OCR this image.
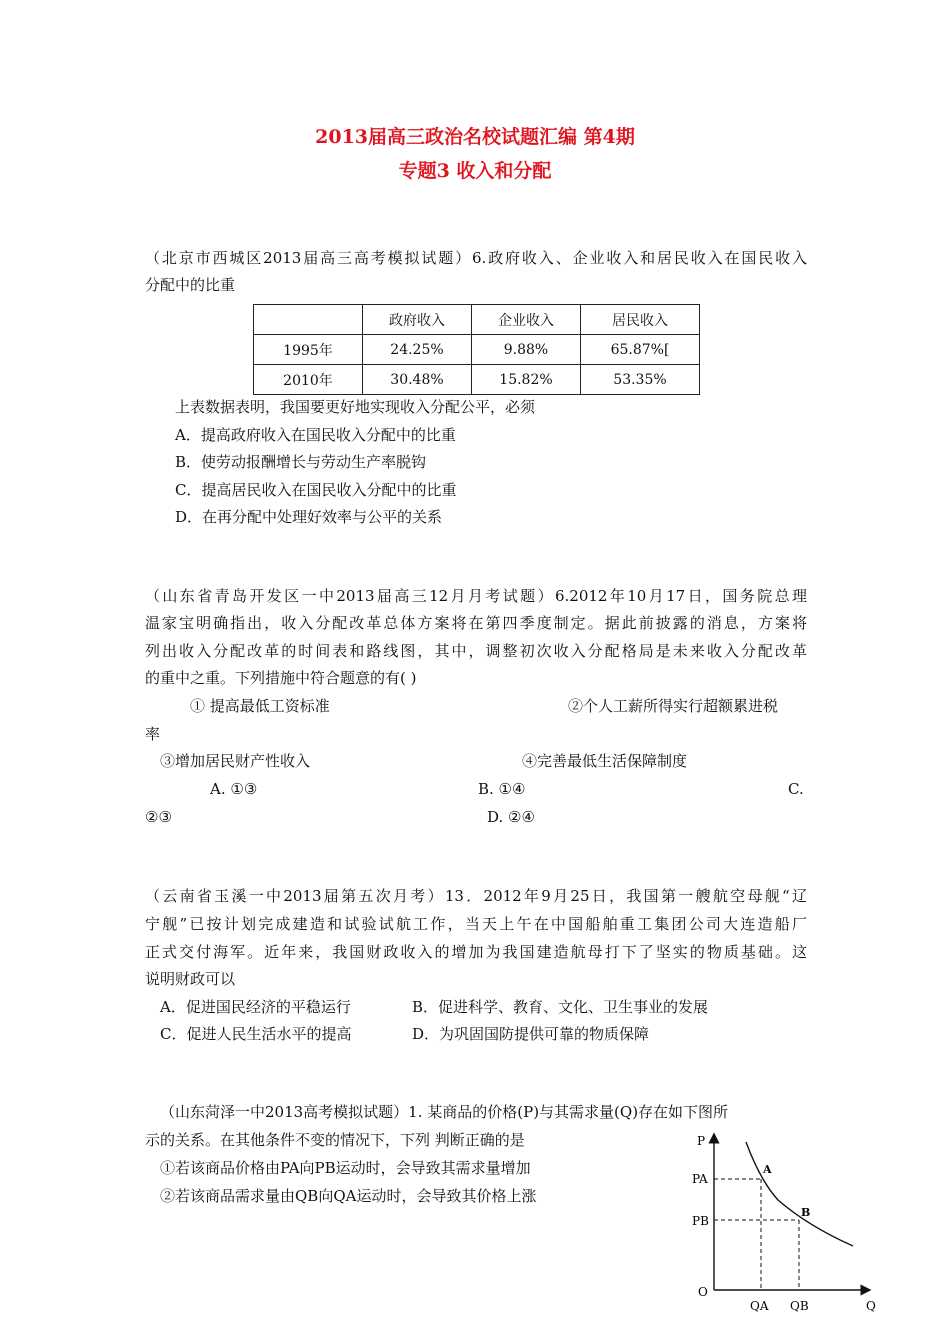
2013届高三政治名校试题汇编 第4期
专题3 收入和分配
（北京市西城区2013届高三高考模拟试题）6.政府收入、企业收入和居民收入在国民收入
分配中的比重
	政府收入	企业收入	居民收入
1995年	24.25%	9.88%	65.87%[
2010年	30.48%	15.82%	53.35%
上表数据表明，我国要更好地实现收入分配公平，必须
A．提高政府收入在国民收入分配中的比重
B．使劳动报酬增长与劳动生产率脱钩
C．提高居民收入在国民收入分配中的比重
D．在再分配中处理好效率与公平的关系
（山东省青岛开发区一中2013届高三12月月考试题）6.2012年10月17日，国务院总理
温家宝明确指出，收入分配改革总体方案将在第四季度制定。据此前披露的消息，方案将
列出收入分配改革的时间表和路线图，其中，调整初次收入分配格局是未来收入分配改革
的重中之重。下列措施中符合题意的有( )
① 提高最低工资标准	②个人工薪所得实行超额累进税
率
③增加居民财产性收入	④完善最低生活保障制度
A. ①③	B. ①④	C.
②③	D. ②④
（云南省玉溪一中2013届第五次月考）13．2012年9月25日，我国第一艘航空母舰“辽
宁舰”已按计划完成建造和试验试航工作，当天上午在中国船舶重工集团公司大连造船厂
正式交付海军。近年来，我国财政收入的增加为我国建造航母打下了坚实的物质基础。这
说明财政可以
A．促进国民经济的平稳运行	B．促进科学、教育、文化、卫生事业的发展
C．促进人民生活水平的提高	D．为巩固国防提供可靠的物质保障
（山东菏泽一中2013高考模拟试题）1. 某商品的价格(P)与其需求量(Q)存在如下图所
示的关系。在其他条件不变的情况下，下列 判断正确的是
①若该商品价格由PA向PB运动时，会导致其需求量增加
②若该商品需求量由QB向QA运动时，会导致其价格上涨
P
Q
O
PA
PB
QA QB
A
B
